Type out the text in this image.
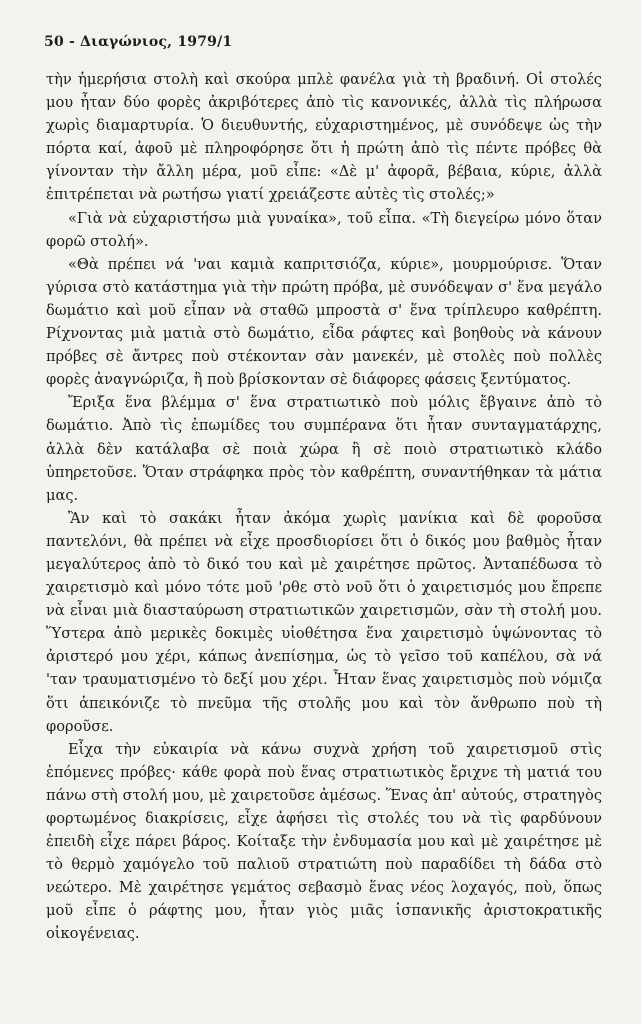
50 - Διαγώνιος, 1979/1

τὴν ἡμερήσια στολὴ καὶ σκούρα μπλὲ φανέλα γιὰ τὴ βραδινή. Οἱ στολές μου ἦταν δύο φορὲς ἀκριβότερες ἀπὸ τὶς κανονικές, ἀλλὰ τὶς πλήρωσα χωρὶς διαμαρτυρία. Ὁ διευθυντής, εὐχαριστημένος, μὲ συνόδεψε ὡς τὴν πόρτα καί, ἀφοῦ μὲ πληροφόρησε ὅτι ἡ πρώτη ἀπὸ τὶς πέντε πρόβες θὰ γίνονταν τὴν ἄλλη μέρα, μοῦ εἶπε: «Δὲ μ' ἀφορᾶ, βέβαια, κύριε, ἀλλὰ ἐπιτρέπεται νὰ ρωτήσω γιατί χρειάζεστε αὐτὲς τὶς στολές;»

«Γιὰ νὰ εὐχαριστήσω μιὰ γυναίκα», τοῦ εἶπα. «Τὴ διεγείρω μόνο ὅταν φορῶ στολή».

«Θὰ πρέπει νά 'ναι καμιὰ καπριτσιόζα, κύριε», μουρμούρισε. Ὅταν γύρισα στὸ κατάστημα γιὰ τὴν πρώτη πρόβα, μὲ συνόδεψαν σ' ἕνα μεγάλο δωμάτιο καὶ μοῦ εἶπαν νὰ σταθῶ μπροστὰ σ' ἕνα τρίπλευρο καθρέπτη. Ρίχνοντας μιὰ ματιὰ στὸ δωμάτιο, εἶδα ράφτες καὶ βοηθοὺς νὰ κάνουν πρόβες σὲ ἄντρες ποὺ στέκονταν σὰν μανεκέν, μὲ στολὲς ποὺ πολλὲς φορὲς ἀναγνώριζα, ἢ ποὺ βρίσκονταν σὲ διάφορες φάσεις ξεντύματος.

Ἔριξα ἕνα βλέμμα σ' ἕνα στρατιωτικὸ ποὺ μόλις ἔβγαινε ἀπὸ τὸ δωμάτιο. Ἀπὸ τὶς ἐπωμίδες του συμπέρανα ὅτι ἦταν συνταγματάρχης, ἀλλὰ δὲν κατάλαβα σὲ ποιὰ χώρα ἢ σὲ ποιὸ στρατιωτικὸ κλάδο ὑπηρετοῦσε. Ὅταν στράφηκα πρὸς τὸν καθρέπτη, συναντήθηκαν τὰ μάτια μας.

Ἂν καὶ τὸ σακάκι ἦταν ἀκόμα χωρὶς μανίκια καὶ δὲ φοροῦσα παντελόνι, θὰ πρέπει νὰ εἶχε προσδιορίσει ὅτι ὁ δικός μου βαθμὸς ἦταν μεγαλύτερος ἀπὸ τὸ δικό του καὶ μὲ χαιρέτησε πρῶτος. Ἀνταπέδωσα τὸ χαιρετισμὸ καὶ μόνο τότε μοῦ 'ρθε στὸ νοῦ ὅτι ὁ χαιρετισμός μου ἔπρεπε νὰ εἶναι μιὰ διασταύρωση στρατιωτικῶν χαιρετισμῶν, σὰν τὴ στολή μου. Ὕστερα ἀπὸ μερικὲς δοκιμὲς υἱοθέτησα ἕνα χαιρετισμὸ ὑψώνοντας τὸ ἀριστερό μου χέρι, κάπως ἀνεπίσημα, ὡς τὸ γεῖσο τοῦ καπέλου, σὰ νά 'ταν τραυματισμένο τὸ δεξί μου χέρι. Ἦταν ἕνας χαιρετισμὸς ποὺ νόμιζα ὅτι ἀπεικόνιζε τὸ πνεῦμα τῆς στολῆς μου καὶ τὸν ἄνθρωπο ποὺ τὴ φοροῦσε.

Εἶχα τὴν εὐκαιρία νὰ κάνω συχνὰ χρήση τοῦ χαιρετισμοῦ στὶς ἑπόμενες πρόβες· κάθε φορὰ ποὺ ἕνας στρατιωτικὸς ἔριχνε τὴ ματιά του πάνω στὴ στολή μου, μὲ χαιρετοῦσε ἀμέσως. Ἕνας ἀπ' αὐτούς, στρατηγὸς φορτωμένος διακρίσεις, εἶχε ἀφήσει τὶς στολές του νὰ τὶς φαρδύνουν ἐπειδὴ εἶχε πάρει βάρος. Κοίταξε τὴν ἐνδυμασία μου καὶ μὲ χαιρέτησε μὲ τὸ θερμὸ χαμόγελο τοῦ παλιοῦ στρατιώτη ποὺ παραδίδει τὴ δάδα στὸ νεώτερο. Μὲ χαιρέτησε γεμάτος σεβασμὸ ἕνας νέος λοχαγός, ποὺ, ὅπως μοῦ εἶπε ὁ ράφτης μου, ἦταν γιὸς μιᾶς ἱσπανικῆς ἀριστοκρατικῆς οἰκογένειας.
